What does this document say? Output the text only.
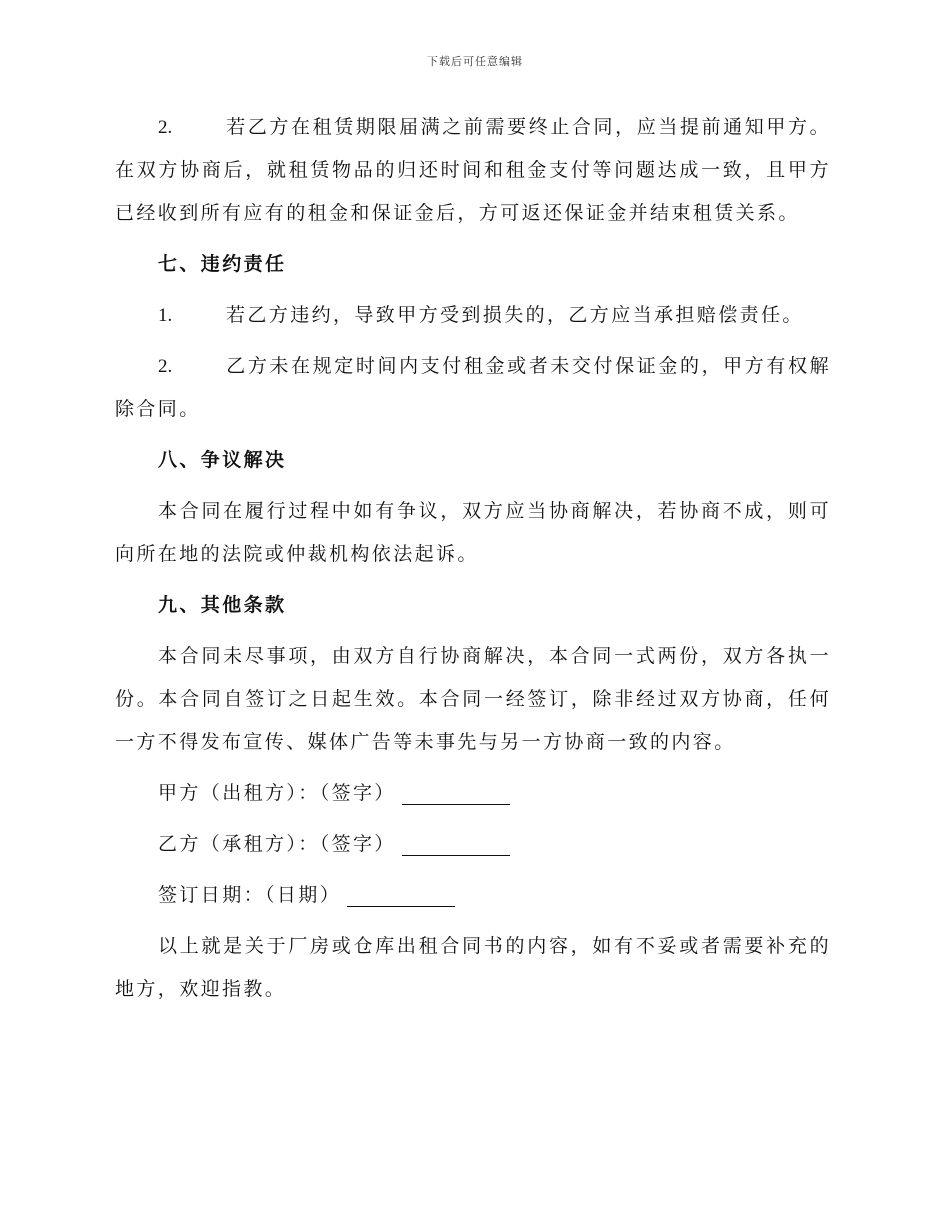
下载后可任意编辑

2.	若乙方在租赁期限届满之前需要终止合同，应当提前通知甲方。在双方协商后，就租赁物品的归还时间和租金支付等问题达成一致，且甲方已经收到所有应有的租金和保证金后，方可返还保证金并结束租赁关系。

七、违约责任

1.	若乙方违约，导致甲方受到损失的，乙方应当承担赔偿责任。

2.	乙方未在规定时间内支付租金或者未交付保证金的，甲方有权解除合同。

八、争议解决

本合同在履行过程中如有争议，双方应当协商解决，若协商不成，则可向所在地的法院或仲裁机构依法起诉。

九、其他条款

本合同未尽事项，由双方自行协商解决，本合同一式两份，双方各执一份。本合同自签订之日起生效。本合同一经签订，除非经过双方协商，任何一方不得发布宣传、媒体广告等未事先与另一方协商一致的内容。

甲方（出租方）：（签字）

乙方（承租方）：（签字）

签订日期：（日期）

以上就是关于厂房或仓库出租合同书的内容，如有不妥或者需要补充的地方，欢迎指教。
